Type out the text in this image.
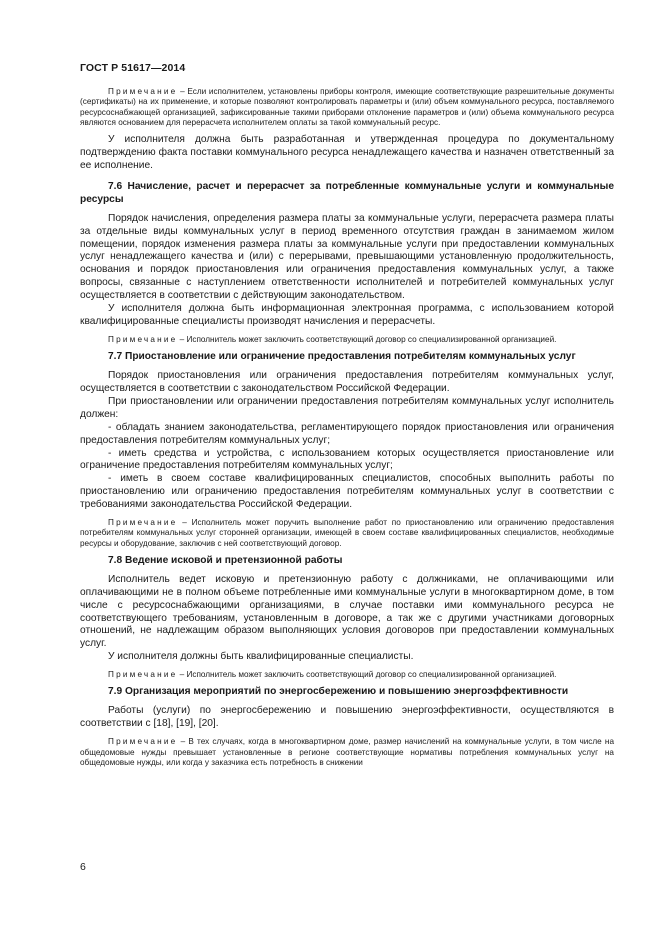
ГОСТ Р 51617—2014

Примечание – Если исполнителем, установлены приборы контроля, имеющие соответствующие разрешительные документы (сертификаты) на их применение, и которые позволяют контролировать параметры и (или) объем коммунального ресурса, поставляемого ресурсоснабжающей организацией, зафиксированные такими приборами отклонение параметров и (или) объема коммунального ресурса являются основанием для перерасчета исполнителем оплаты за такой коммунальный ресурс.

У исполнителя должна быть разработанная и утвержденная процедура по документальному подтверждению факта поставки коммунального ресурса ненадлежащего качества и назначен ответственный за ее исполнение.

7.6 Начисление, расчет и перерасчет за потребленные коммунальные услуги и коммунальные ресурсы

Порядок начисления, определения размера платы за коммунальные услуги, перерасчета размера платы за отдельные виды коммунальных услуг в период временного отсутствия граждан в занимаемом жилом помещении, порядок изменения размера платы за коммунальные услуги при предоставлении коммунальных услуг ненадлежащего качества и (или) с перерывами, превышающими установленную продолжительность, основания и порядок приостановления или ограничения предоставления коммунальных услуг, а также вопросы, связанные с наступлением ответственности исполнителей и потребителей коммунальных услуг осуществляется в соответствии с действующим законодательством.

У исполнителя должна быть информационная электронная программа, с использованием которой квалифицированные специалисты производят начисления и перерасчеты.

Примечание – Исполнитель может заключить соответствующий договор со специализированной организацией.

7.7 Приостановление или ограничение предоставления потребителям коммунальных услуг

Порядок приостановления или ограничения предоставления потребителям коммунальных услуг, осуществляется в соответствии с законодательством Российской Федерации.

При приостановлении или ограничении предоставления потребителям коммунальных услуг исполнитель должен:

- обладать знанием законодательства, регламентирующего порядок приостановления или ограничения предоставления потребителям коммунальных услуг;

- иметь средства и устройства, с использованием которых осуществляется приостановление или ограничение предоставления потребителям коммунальных услуг;

- иметь в своем составе квалифицированных специалистов, способных выполнить работы по приостановлению или ограничению предоставления потребителям коммунальных услуг в соответствии с требованиями законодательства Российской Федерации.

Примечание – Исполнитель может поручить выполнение работ по приостановлению или ограничению предоставления потребителям коммунальных услуг сторонней организации, имеющей в своем составе квалифицированных специалистов, необходимые ресурсы и оборудование, заключив с ней соответствующий договор.

7.8 Ведение исковой и претензионной работы

Исполнитель ведет исковую и претензионную работу с должниками, не оплачивающими или оплачивающими не в полном объеме потребленные ими коммунальные услуги в многоквартирном доме, в том числе с ресурсоснабжающими организациями, в случае поставки ими коммунального ресурса не соответствующего требованиям, установленным в договоре, а так же с другими участниками договорных отношений, не надлежащим образом выполняющих условия договоров при предоставлении коммунальных услуг.

У исполнителя должны быть квалифицированные специалисты.

Примечание – Исполнитель может заключить соответствующий договор со специализированной организацией.

7.9 Организация мероприятий по энергосбережению и повышению энергоэффективности

Работы (услуги) по энергосбережению и повышению энергоэффективности, осуществляются в соответствии с [18], [19], [20].

Примечание – В тех случаях, когда в многоквартирном доме, размер начислений на коммунальные услуги, в том числе на общедомовые нужды превышает установленные в регионе соответствующие нормативы потребления коммунальных услуг на общедомовые нужды, или когда у заказчика есть потребность в снижении

6
